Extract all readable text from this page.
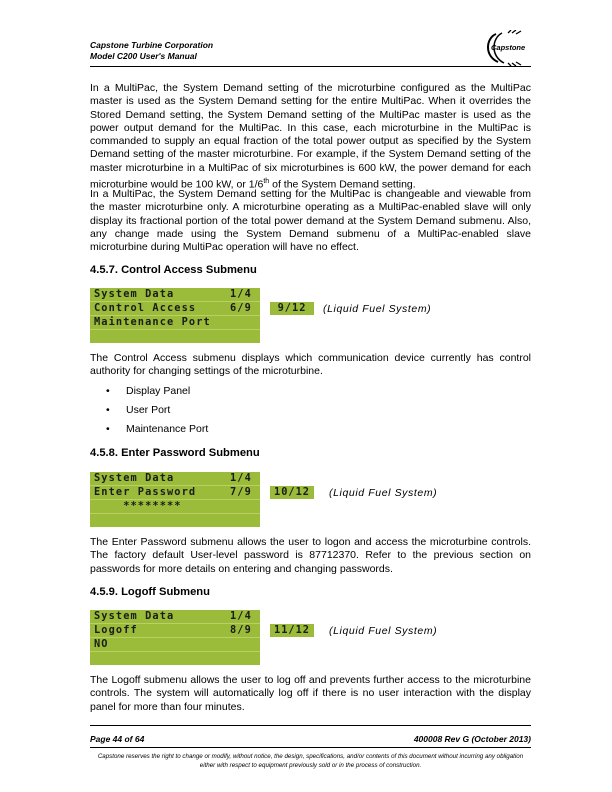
Capstone Turbine Corporation
Model C200 User's Manual
Capstone
In a MultiPac, the System Demand setting of the microturbine configured as the MultiPac master is used as the System Demand setting for the entire MultiPac. When it overrides the Stored Demand setting, the System Demand setting of the MultiPac master is used as the power output demand for the MultiPac. In this case, each microturbine in the MultiPac is commanded to supply an equal fraction of the total power output as specified by the System Demand setting of the master microturbine. For example, if the System Demand setting of the master microturbine in a MultiPac of six microturbines is 600 kW, the power demand for each microturbine would be 100 kW, or 1/6th of the System Demand setting.
In a MultiPac, the System Demand setting for the MultiPac is changeable and viewable from the master microturbine only. A microturbine operating as a MultiPac-enabled slave will only display its fractional portion of the total power demand at the System Demand submenu. Also, any change made using the System Demand submenu of a MultiPac-enabled slave microturbine during MultiPac operation will have no effect.
4.5.7. Control Access Submenu
System Data	1/4
Control Access	6/9
Maintenance Port
9/12	(Liquid Fuel System)
The Control Access submenu displays which communication device currently has control authority for changing settings of the microturbine.
• Display Panel
• User Port
• Maintenance Port
4.5.8. Enter Password Submenu
System Data	1/4
Enter Password	7/9
********
10/12	(Liquid Fuel System)
The Enter Password submenu allows the user to logon and access the microturbine controls. The factory default User-level password is 87712370. Refer to the previous section on passwords for more details on entering and changing passwords.
4.5.9. Logoff Submenu
System Data	1/4
Logoff	8/9
NO
11/12	(Liquid Fuel System)
The Logoff submenu allows the user to log off and prevents further access to the microturbine controls. The system will automatically log off if there is no user interaction with the display panel for more than four minutes.
Page 44 of 64	400008 Rev G (October 2013)
Capstone reserves the right to change or modify, without notice, the design, specifications, and/or contents of this document without incurring any obligation either with respect to equipment previously sold or in the process of construction.
